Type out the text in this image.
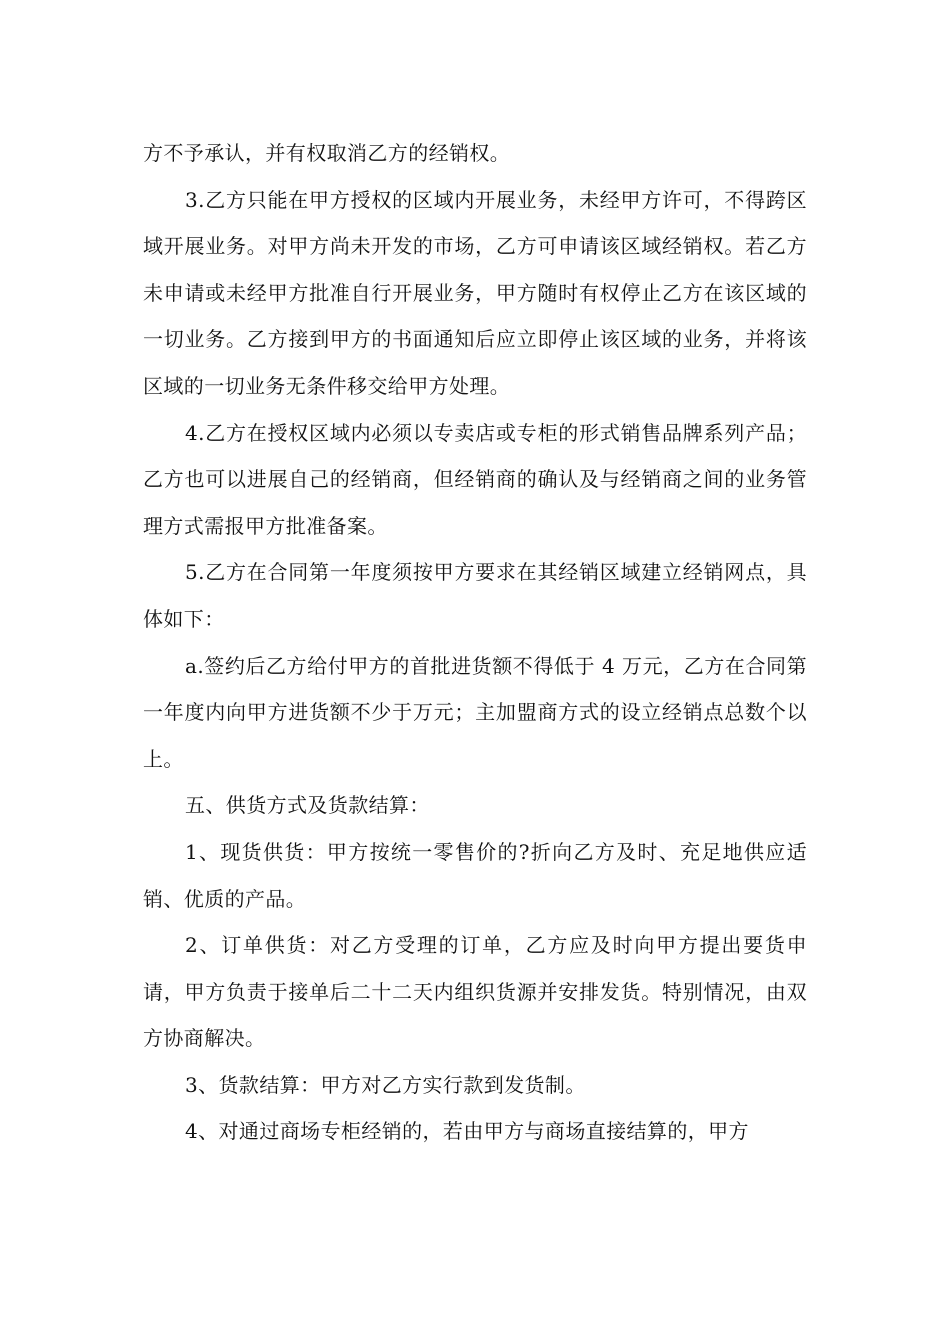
方不予承认，并有权取消乙方的经销权。

3.乙方只能在甲方授权的区域内开展业务，未经甲方许可，不得跨区域开展业务。对甲方尚未开发的市场，乙方可申请该区域经销权。若乙方未申请或未经甲方批准自行开展业务，甲方随时有权停止乙方在该区域的一切业务。乙方接到甲方的书面通知后应立即停止该区域的业务，并将该区域的一切业务无条件移交给甲方处理。

4.乙方在授权区域内必须以专卖店或专柜的形式销售品牌系列产品；乙方也可以进展自己的经销商，但经销商的确认及与经销商之间的业务管理方式需报甲方批准备案。

5.乙方在合同第一年度须按甲方要求在其经销区域建立经销网点，具体如下：

a.签约后乙方给付甲方的首批进货额不得低于 4 万元，乙方在合同第一年度内向甲方进货额不少于万元；主加盟商方式的设立经销点总数个以上。

五、供货方式及货款结算：

1、现货供货：甲方按统一零售价的?折向乙方及时、充足地供应适销、优质的产品。

2、订单供货：对乙方受理的订单，乙方应及时向甲方提出要货申请，甲方负责于接单后二十二天内组织货源并安排发货。特别情况，由双方协商解决。

3、货款结算：甲方对乙方实行款到发货制。

4、对通过商场专柜经销的，若由甲方与商场直接结算的，甲方
